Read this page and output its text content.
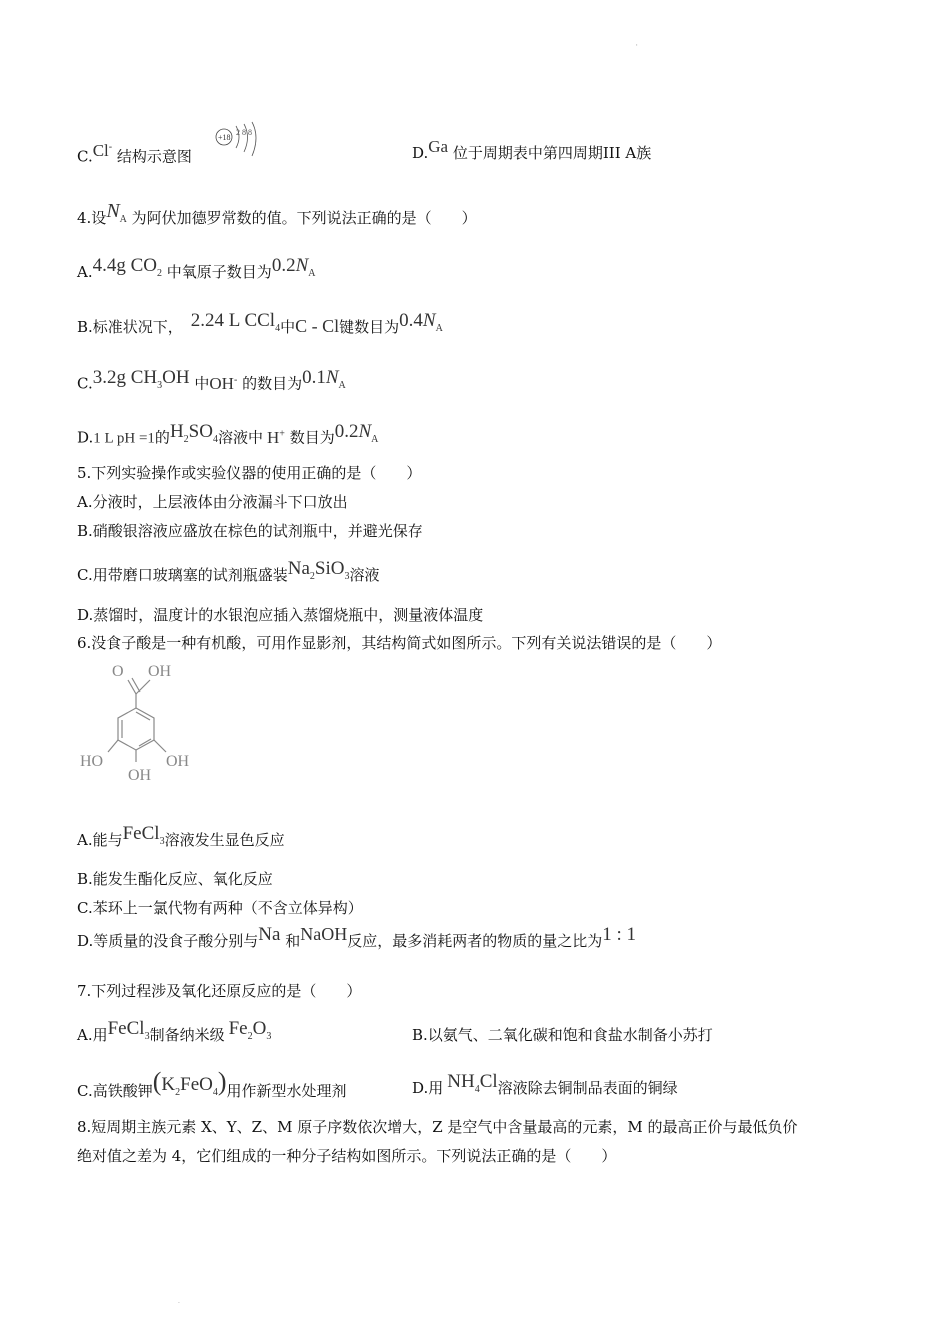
'
C.Cl- 结构示意图
+18
2 8 8
D.Ga 位于周期表中第四周期III A族
4.设$N_A$ 为阿伏加德罗常数的值。下列说法正确的是（　　）
A.4.4g $CO_2$ 中氧原子数目为$0.2N_A$
B.标准状况下， 2.24 L CCl$_4$中C - Cl键数目为$0.4N_A$
C.3.2g $CH_3OH$ 中OH- 的数目为$0.1N_A$
D.1 L pH =1的$H_2SO_4$溶液中 H+ 数目为$0.2N_A$
5.下列实验操作或实验仪器的使用正确的是（　　）
A.分液时，上层液体由分液漏斗下口放出
B.硝酸银溶液应盛放在棕色的试剂瓶中，并避光保存
C.用带磨口玻璃塞的试剂瓶盛装$Na_2SiO_3$溶液
D.蒸馏时，温度计的水银泡应插入蒸馏烧瓶中，测量液体温度
6.没食子酸是一种有机酸，可用作显影剂，其结构简式如图所示。下列有关说法错误的是（　　）
O OH
HO
OH
OH
A.能与FeCl$_3$溶液发生显色反应
B.能发生酯化反应、氧化反应
C.苯环上一氯代物有两种（不含立体异构）
D.等质量的没食子酸分别与Na 和NaOH反应，最多消耗两者的物质的量之比为1 : 1
7.下列过程涉及氧化还原反应的是（　　）
A.用FeCl$_3$制备纳米级 $Fe_2O_3$	B.以氨气、二氧化碳和饱和食盐水制备小苏打
C.高铁酸钾$(K_2FeO_4)$用作新型水处理剂	D.用 $NH_4Cl$溶液除去铜制品表面的铜绿
8.短周期主族元素 X、Y、Z、M 原子序数依次增大，Z 是空气中含量最高的元素，M 的最高正价与最低负价
绝对值之差为 4，它们组成的一种分子结构如图所示。下列说法正确的是（　　）
·
